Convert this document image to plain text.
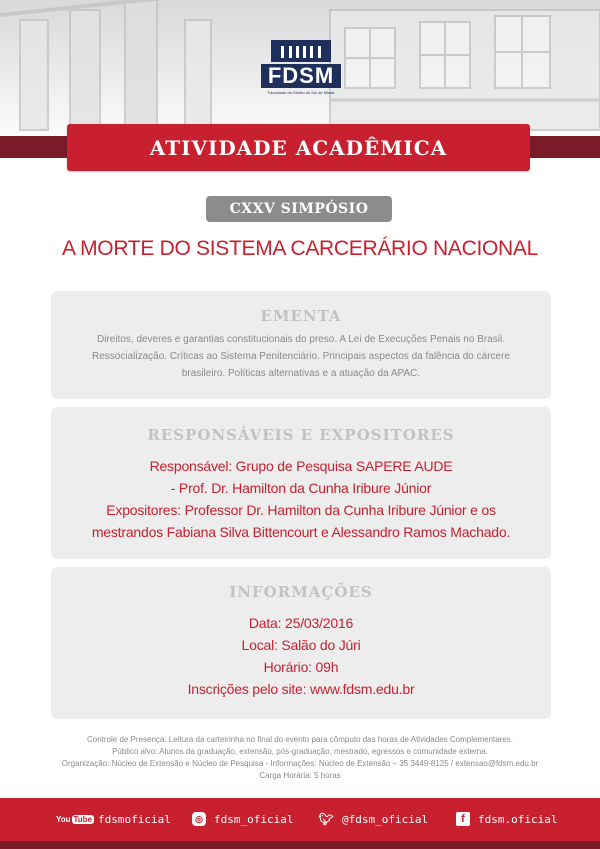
FDSM
Faculdade de Direito do Sul de Minas
ATIVIDADE ACADÊMICA
CXXV SIMPÓSIO
A MORTE DO SISTEMA CARCERÁRIO NACIONAL
EMENTA
Direitos, deveres e garantias constitucionais do preso. A Lei de Execuções Penais no Brasil.
Ressocialização. Críticas ao Sistema Penitenciário. Principais aspectos da falência do cárcere
brasileiro. Políticas alternativas e a atuação da APAC.
RESPONSÁVEIS E EXPOSITORES
Responsável: Grupo de Pesquisa SAPERE AUDE
- Prof. Dr. Hamilton da Cunha Iribure Júnior
Expositores: Professor Dr. Hamilton da Cunha Iribure Júnior e os
mestrandos Fabiana Silva Bittencourt e Alessandro Ramos Machado.
INFORMAÇÕES
Data: 25/03/2016
Local: Salão do Júri
Horário: 09h
Inscrições pelo site: www.fdsm.edu.br
Controle de Presença: Leitura da carteirinha no final do evento para cômputo das horas de Atividades Complementares.
Público alvo: Alunos da graduação, extensão, pós-graduação, mestrado, egressos e comunidade externa.
Organização: Núcleo de Extensão e Núcleo de Pesquisa - Informações: Núcleo de Extensão – 35 3449-8125 / extensao@fdsm.edu.br
Carga Horária: 5 horas
You Tube fdsmoficial	◎ fdsm_oficial 🐦︎ @fdsm_oficial	f	fdsm.oficial
